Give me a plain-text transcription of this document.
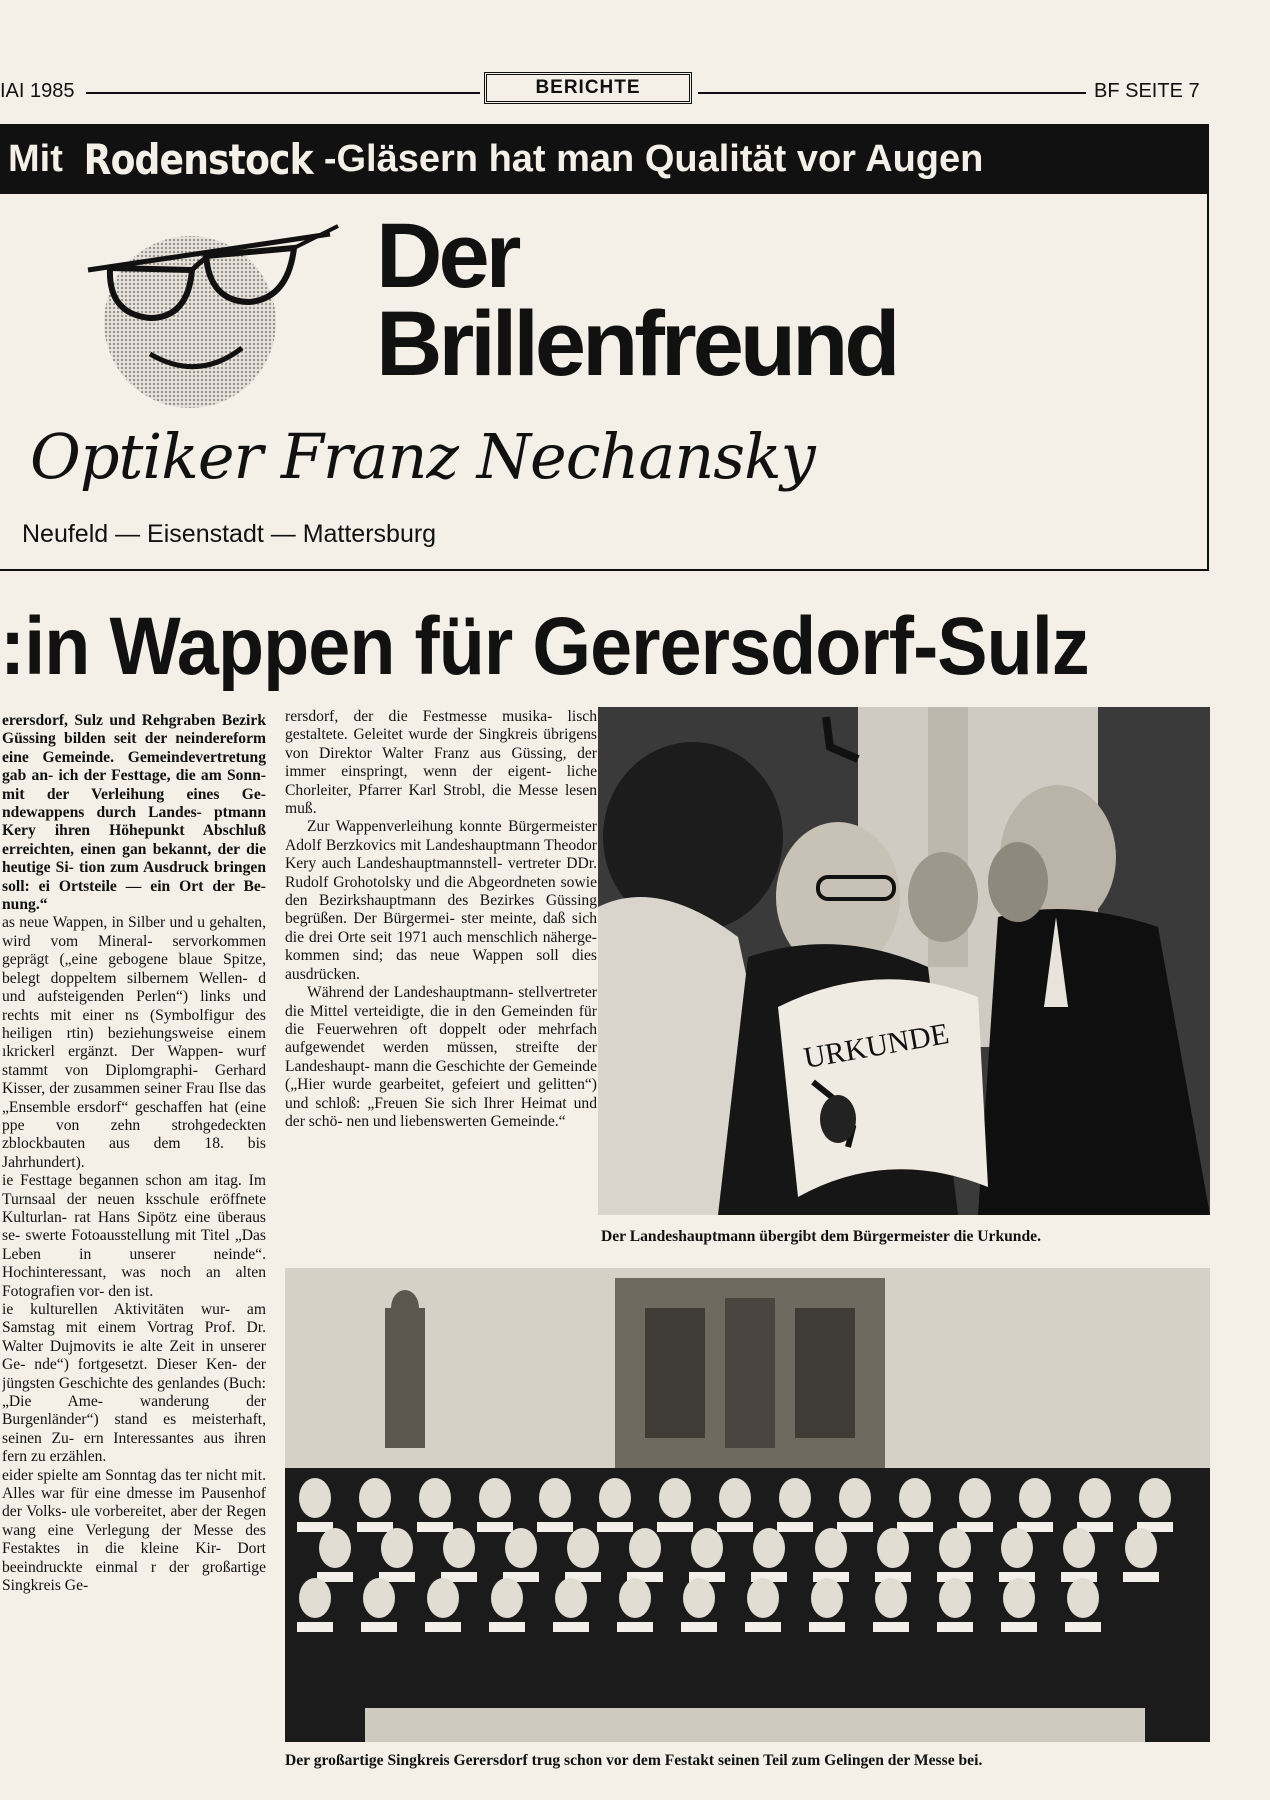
IAI 1985	BERICHTE	BF SEITE 7
Mit Rodenstock -Gläsern hat man Qualität vor Augen
Der
Brillenfreund
Optiker Franz Nechansky
Neufeld — Eisenstadt — Mattersburg
:in Wappen für Gerersdorf-Sulz

erersdorf, Sulz und Rehgraben Bezirk Güssing bilden seit der neindereform eine Gemeinde. Gemeindevertretung gab an- ich der Festtage, die am Sonn- mit der Verleihung eines Ge- ndewappens durch Landes- ptmann Kery ihren Höhepunkt Abschluß erreichten, einen gan bekannt, der die heutige Si- tion zum Ausdruck bringen soll: ei Ortsteile — ein Ort der Be- nung.“

as neue Wappen, in Silber und u gehalten, wird vom Mineral- servorkommen geprägt („eine gebogene blaue Spitze, belegt doppeltem silbernem Wellen- d und aufsteigenden Perlen“) links und rechts mit einer ns (Symbolfigur des heiligen rtin) beziehungsweise einem ıkrickerl ergänzt. Der Wappen- wurf stammt von Diplomgraphi- Gerhard Kisser, der zusammen seiner Frau Ilse das „Ensemble ersdorf“ geschaffen hat (eine ppe von zehn strohgedeckten zblockbauten aus dem 18. bis Jahrhundert).

ie Festtage begannen schon am itag. Im Turnsaal der neuen ksschule eröffnete Kulturlan- rat Hans Sipötz eine überaus se- swerte Fotoausstellung mit Titel „Das Leben in unserer neinde“. Hochinteressant, was noch an alten Fotografien vor- den ist.

ie kulturellen Aktivitäten wur- am Samstag mit einem Vortrag Prof. Dr. Walter Dujmovits ie alte Zeit in unserer Ge- nde“) fortgesetzt. Dieser Ken- der jüngsten Geschichte des genlandes (Buch: „Die Ame- wanderung der Burgenländer“) stand es meisterhaft, seinen Zu- ern Interessantes aus ihren fern zu erzählen.

eider spielte am Sonntag das ter nicht mit. Alles war für eine dmesse im Pausenhof der Volks- ule vorbereitet, aber der Regen wang eine Verlegung der Messe des Festaktes in die kleine Kir- Dort beeindruckte einmal r der großartige Singkreis Ge-

rersdorf, der die Festmesse musika- lisch gestaltete. Geleitet wurde der Singkreis übrigens von Direktor Walter Franz aus Güssing, der immer einspringt, wenn der eigent- liche Chorleiter, Pfarrer Karl Strobl, die Messe lesen muß.

Zur Wappenverleihung konnte Bürgermeister Adolf Berzkovics mit Landeshauptmann Theodor Kery auch Landeshauptmannstell- vertreter DDr. Rudolf Grohotolsky und die Abgeordneten sowie den Bezirkshauptmann des Bezirkes Güssing begrüßen. Der Bürgermei- ster meinte, daß sich die drei Orte seit 1971 auch menschlich näherge- kommen sind; das neue Wappen soll dies ausdrücken.

Während der Landeshauptmann- stellvertreter die Mittel verteidigte, die in den Gemeinden für die Feuerwehren oft doppelt oder mehrfach aufgewendet werden müssen, streifte der Landeshaupt- mann die Geschichte der Gemeinde („Hier wurde gearbeitet, gefeiert und gelitten“) und schloß: „Freuen Sie sich Ihrer Heimat und der schö- nen und liebenswerten Gemeinde.“

URKUNDE
Der Landeshauptmann übergibt dem Bürgermeister die Urkunde.
Der großartige Singkreis Gerersdorf trug schon vor dem Festakt seinen Teil zum Gelingen der Messe bei.
